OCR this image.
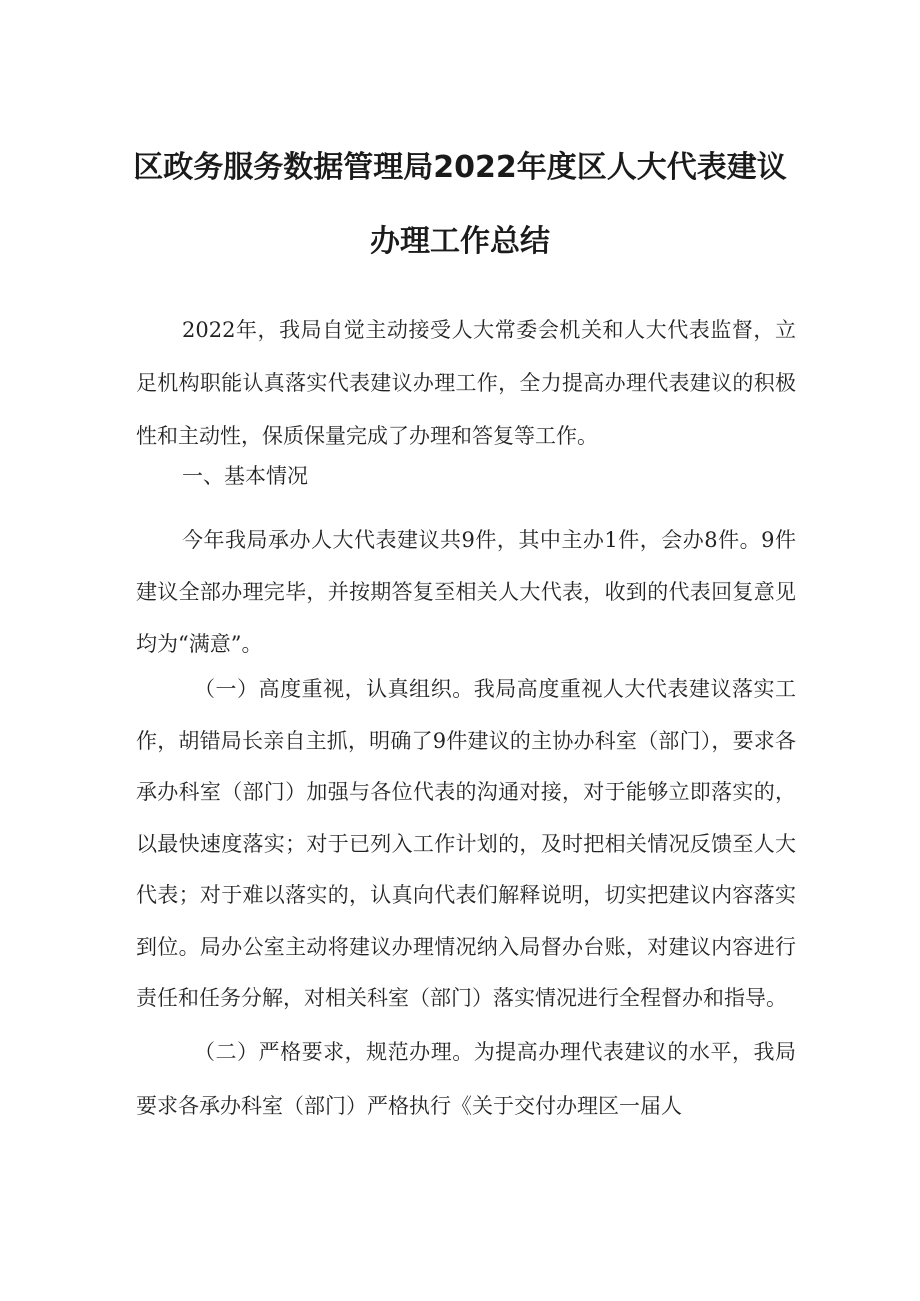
区政务服务数据管理局2022年度区人大代表建议
办理工作总结

2022年，我局自觉主动接受人大常委会机关和人大代表监督，立足机构职能认真落实代表建议办理工作，全力提高办理代表建议的积极性和主动性，保质保量完成了办理和答复等工作。

一、基本情况

今年我局承办人大代表建议共9件，其中主办1件，会办8件。9件建议全部办理完毕，并按期答复至相关人大代表，收到的代表回复意见均为“满意”。

（一）高度重视，认真组织。我局高度重视人大代表建议落实工作，胡错局长亲自主抓，明确了9件建议的主协办科室（部门），要求各承办科室（部门）加强与各位代表的沟通对接，对于能够立即落实的，以最快速度落实；对于已列入工作计划的，及时把相关情况反馈至人大代表；对于难以落实的，认真向代表们解释说明，切实把建议内容落实到位。局办公室主动将建议办理情况纳入局督办台账，对建议内容进行责任和任务分解，对相关科室（部门）落实情况进行全程督办和指导。

（二）严格要求，规范办理。为提高办理代表建议的水平，我局要求各承办科室（部门）严格执行《关于交付办理区一届人
